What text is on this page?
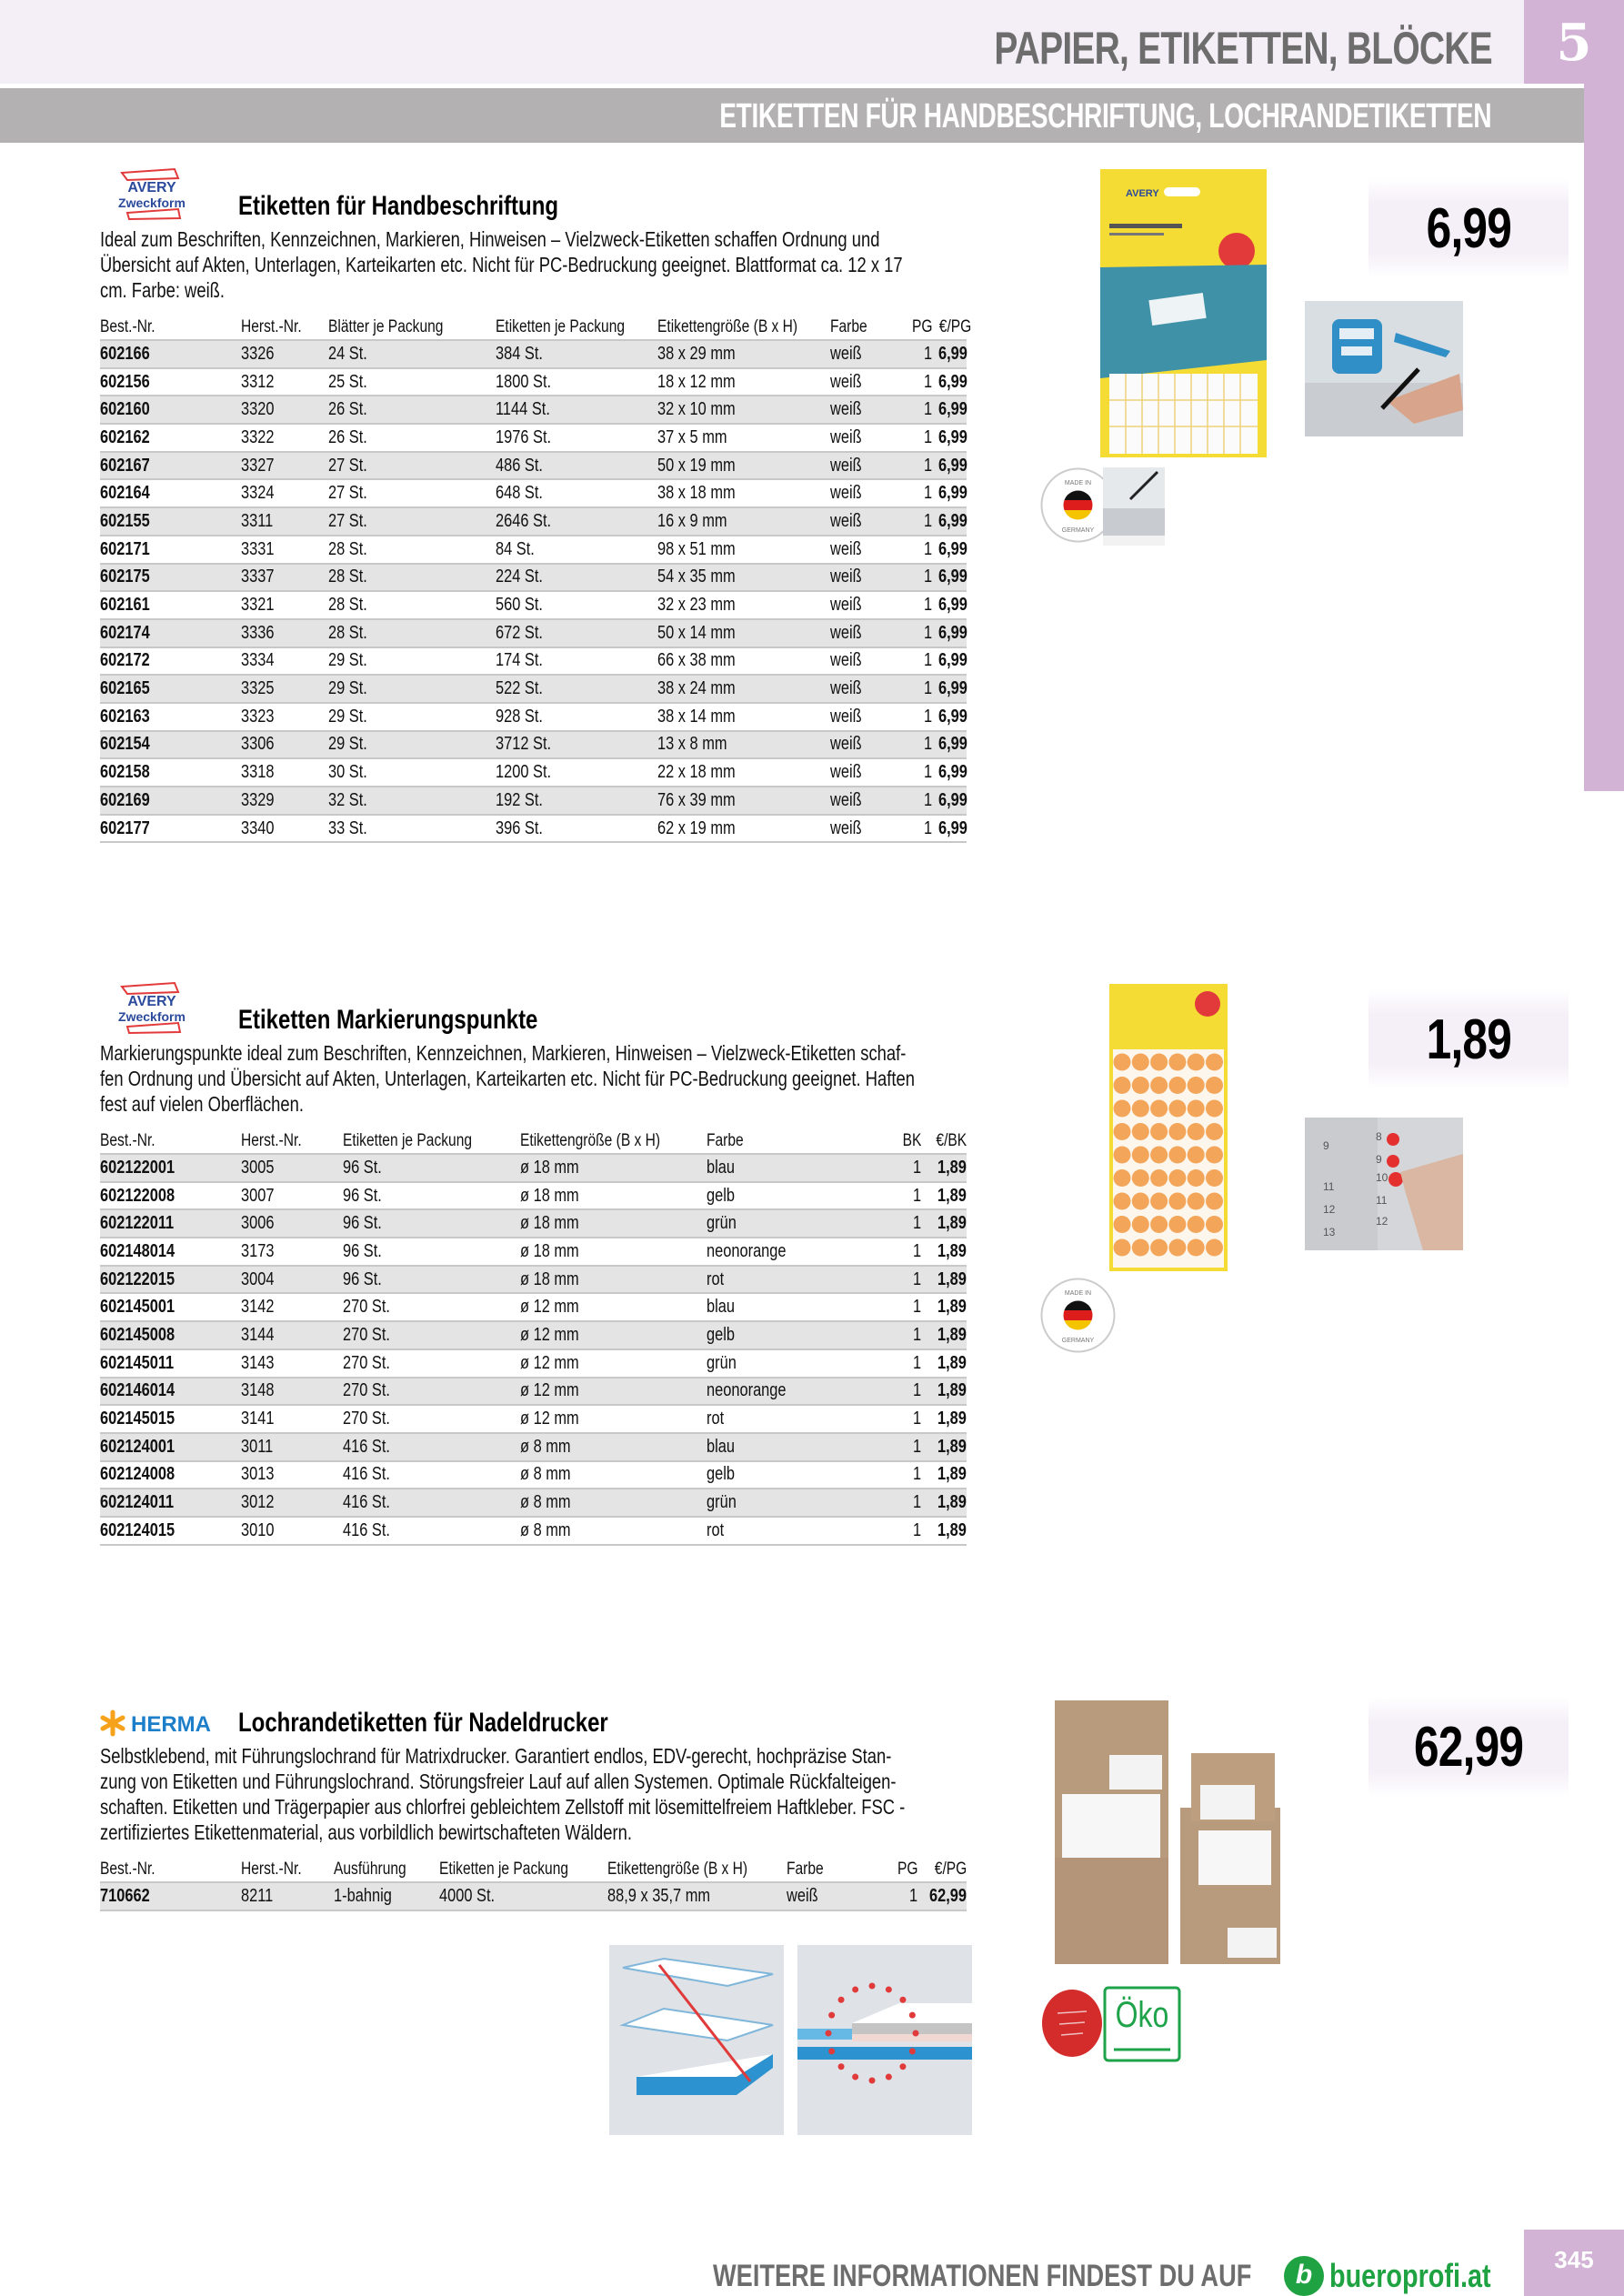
PAPIER, ETIKETTEN, BLÖCKE	5
ETIKETTEN FÜR HANDBESCHRIFTUNG, LOCHRANDETIKETTEN
AVERY
Zweckform Etiketten für Handbeschriftung

Ideal zum Beschriften, Kennzeichnen, Markieren, Hinweisen – Vielzweck-Etiketten schaffen Ordnung und

Übersicht auf Akten, Unterlagen, Karteikarten etc. Nicht für PC-Bedruckung geeignet. Blattformat ca. 12 x 17

cm. Farbe: weiß.

Best.-Nr.	Herst.-Nr.	Blätter je Packung	Etiketten je Packung	Etikettengröße (B x H)	Farbe	PG	€/PG
602166	3326	24 St.	384 St.	38 x 29 mm	weiß	1	6,99
602156	3312	25 St.	1800 St.	18 x 12 mm	weiß	1	6,99
602160	3320	26 St.	1144 St.	32 x 10 mm	weiß	1	6,99
602162	3322	26 St.	1976 St.	37 x 5 mm	weiß	1	6,99
602167	3327	27 St.	486 St.	50 x 19 mm	weiß	1	6,99
602164	3324	27 St.	648 St.	38 x 18 mm	weiß	1	6,99
602155	3311	27 St.	2646 St.	16 x 9 mm	weiß	1	6,99
602171	3331	28 St.	84 St.	98 x 51 mm	weiß	1	6,99
602175	3337	28 St.	224 St.	54 x 35 mm	weiß	1	6,99
602161	3321	28 St.	560 St.	32 x 23 mm	weiß	1	6,99
602174	3336	28 St.	672 St.	50 x 14 mm	weiß	1	6,99
602172	3334	29 St.	174 St.	66 x 38 mm	weiß	1	6,99
602165	3325	29 St.	522 St.	38 x 24 mm	weiß	1	6,99
602163	3323	29 St.	928 St.	38 x 14 mm	weiß	1	6,99
602154	3306	29 St.	3712 St.	13 x 8 mm	weiß	1	6,99
602158	3318	30 St.	1200 St.	22 x 18 mm	weiß	1	6,99
602169	3329	32 St.	192 St.	76 x 39 mm	weiß	1	6,99
602177	3340	33 St.	396 St.	62 x 19 mm	weiß	1	6,99
AVERY
6,99
MADE IN
GERMANY
AVERY
Zweckform Etiketten Markierungspunkte

Markierungspunkte ideal zum Beschriften, Kennzeichnen, Markieren, Hinweisen – Vielzweck-Etiketten schaf-

fen Ordnung und Übersicht auf Akten, Unterlagen, Karteikarten etc. Nicht für PC-Bedruckung geeignet. Haften

fest auf vielen Oberflächen.

Best.-Nr.	Herst.-Nr.	Etiketten je Packung	Etikettengröße (B x H)	Farbe	BK	€/BK
602122001	3005	96 St.	ø 18 mm	blau	1	1,89
602122008	3007	96 St.	ø 18 mm	gelb	1	1,89
602122011	3006	96 St.	ø 18 mm	grün	1	1,89
602148014	3173	96 St.	ø 18 mm	neonorange	1	1,89
602122015	3004	96 St.	ø 18 mm	rot	1	1,89
602145001	3142	270 St.	ø 12 mm	blau	1	1,89
602145008	3144	270 St.	ø 12 mm	gelb	1	1,89
602145011	3143	270 St.	ø 12 mm	grün	1	1,89
602146014	3148	270 St.	ø 12 mm	neonorange	1	1,89
602145015	3141	270 St.	ø 12 mm	rot	1	1,89
602124001	3011	416 St.	ø 8 mm	blau	1	1,89
602124008	3013	416 St.	ø 8 mm	gelb	1	1,89
602124011	3012	416 St.	ø 8 mm	grün	1	1,89
602124015	3010	416 St.	ø 8 mm	rot	1	1,89
1,89
9
11
12
13
8
9
10
11
12
MADE IN
GERMANY
HERMA Lochrandetiketten für Nadeldrucker

Selbstklebend, mit Führungslochrand für Matrixdrucker. Garantiert endlos, EDV-gerecht, hochpräzise Stan-

zung von Etiketten und Führungslochrand. Störungsfreier Lauf auf allen Systemen. Optimale Rückfalteigen-

schaften. Etiketten und Trägerpapier aus chlorfrei gebleichtem Zellstoff mit lösemittelfreiem Haftkleber. FSC -

zertifiziertes Etikettenmaterial, aus vorbildlich bewirtschafteten Wäldern.

Best.-Nr.	Herst.-Nr.	Ausführung	Etiketten je Packung	Etikettengröße (B x H)	Farbe	PG	€/PG
710662	8211	1-bahnig	4000 St.	88,9 x 35,7 mm	weiß	1	62,99
62,99
Öko
WEITERE INFORMATIONEN FINDEST DU AUF	b bueroprofi.at	345
